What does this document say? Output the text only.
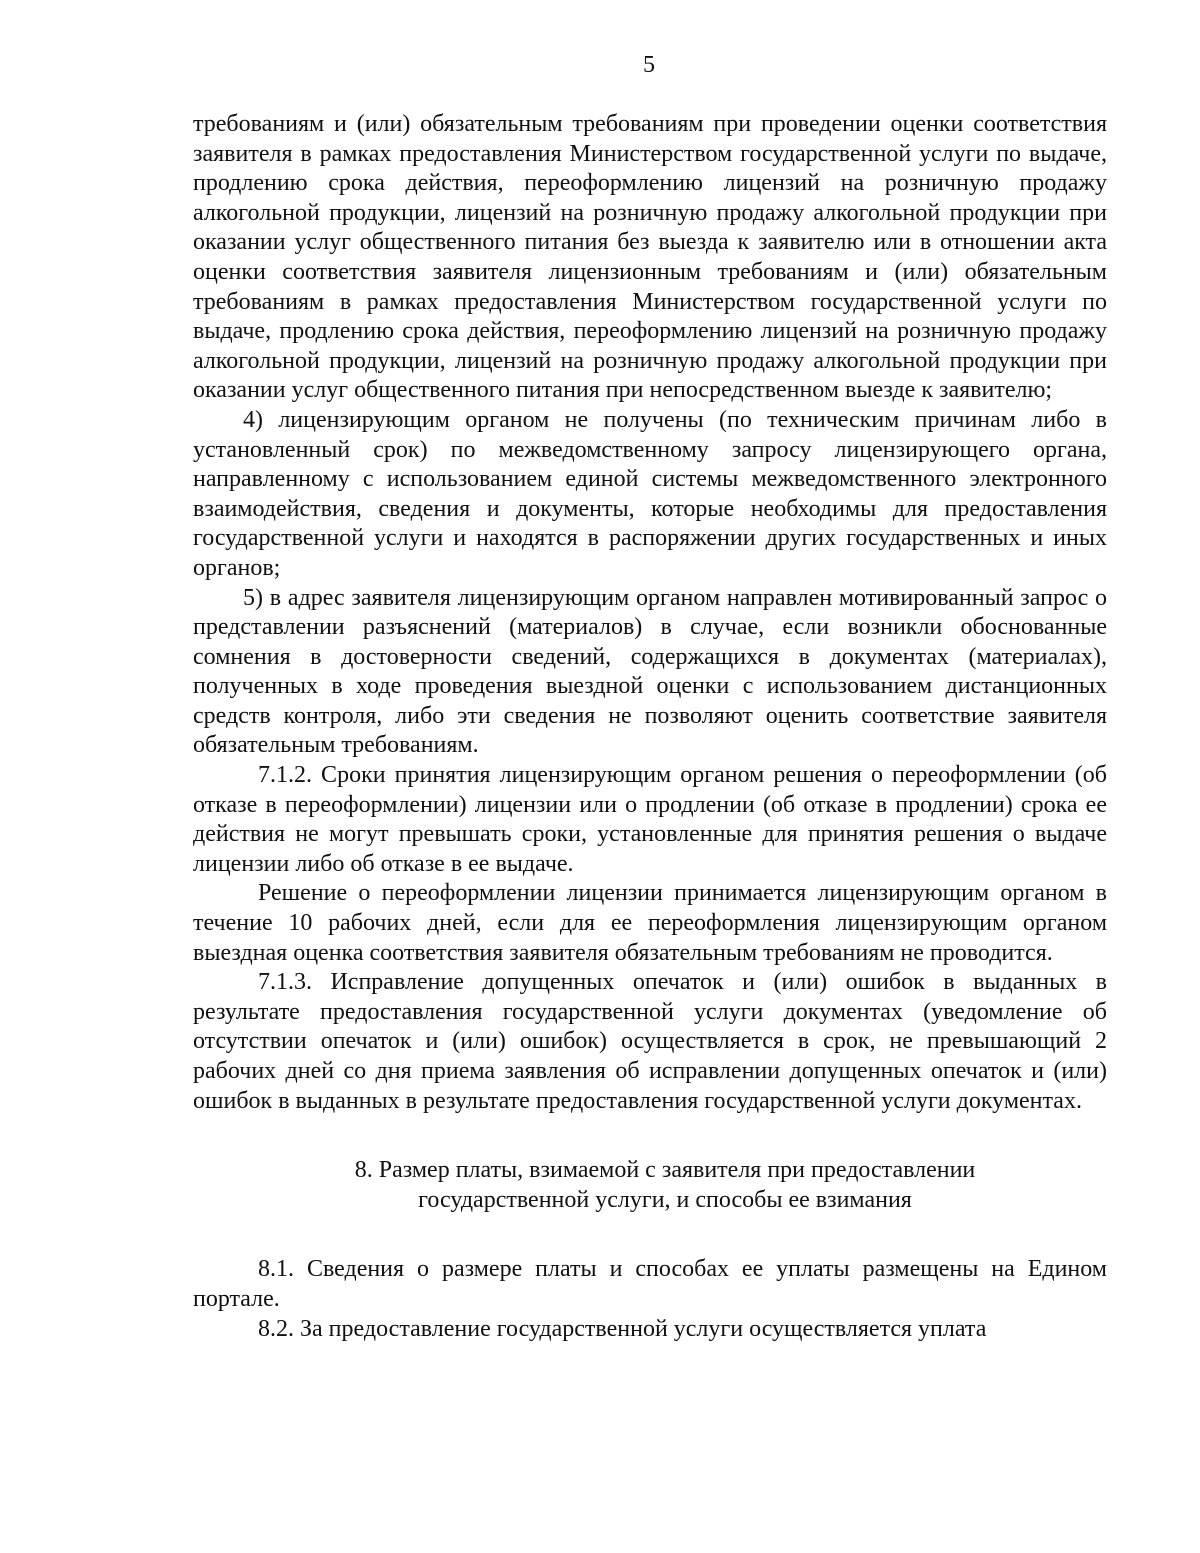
5

требованиям и (или) обязательным требованиям при проведении оценки соответствия заявителя в рамках предоставления Министерством государственной услуги по выдаче, продлению срока действия, переоформлению лицензий на розничную продажу алкогольной продукции, лицензий на розничную продажу алкогольной продукции при оказании услуг общественного питания без выезда к заявителю или в отношении акта оценки соответствия заявителя лицензионным требованиям и (или) обязательным требованиям в рамках предоставления Министерством государственной услуги по выдаче, продлению срока действия, переоформлению лицензий на розничную продажу алкогольной продукции, лицензий на розничную продажу алкогольной продукции при оказании услуг общественного питания при непосредственном выезде к заявителю;

4) лицензирующим органом не получены (по техническим причинам либо в установленный срок) по межведомственному запросу лицензирующего органа, направленному с использованием единой системы межведомственного электронного взаимодействия, сведения и документы, которые необходимы для предоставления государственной услуги и находятся в распоряжении других государственных и иных органов;

5) в адрес заявителя лицензирующим органом направлен мотивированный запрос о представлении разъяснений (материалов) в случае, если возникли обоснованные сомнения в достоверности сведений, содержащихся в документах (материалах), полученных в ходе проведения выездной оценки с использованием дистанционных средств контроля, либо эти сведения не позволяют оценить соответствие заявителя обязательным требованиям.

7.1.2. Сроки принятия лицензирующим органом решения о переоформлении (об отказе в переоформлении) лицензии или о продлении (об отказе в продлении) срока ее действия не могут превышать сроки, установленные для принятия решения о выдаче лицензии либо об отказе в ее выдаче.

Решение о переоформлении лицензии принимается лицензирующим органом в течение 10 рабочих дней, если для ее переоформления лицензирующим органом выездная оценка соответствия заявителя обязательным требованиям не проводится.

7.1.3. Исправление допущенных опечаток и (или) ошибок в выданных в результате предоставления государственной услуги документах (уведомление об отсутствии опечаток и (или) ошибок) осуществляется в срок, не превышающий 2 рабочих дней со дня приема заявления об исправлении допущенных опечаток и (или) ошибок в выданных в результате предоставления государственной услуги документах.

8. Размер платы, взимаемой с заявителя при предоставлении
государственной услуги, и способы ее взимания

8.1. Сведения о размере платы и способах ее уплаты размещены на Едином портале.

8.2. За предоставление государственной услуги осуществляется уплата
